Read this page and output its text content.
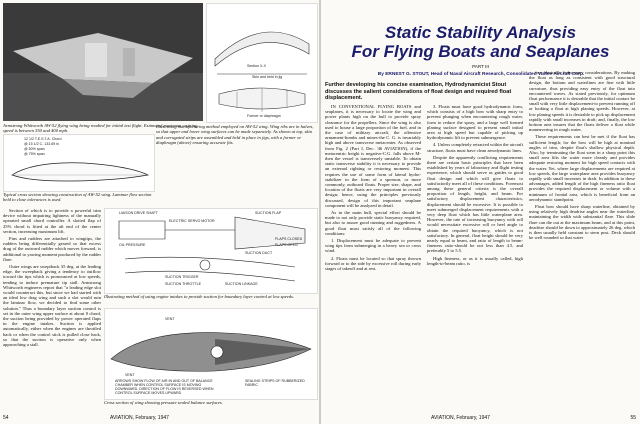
Armstrong Whitworth AW-52 flying wing being readied for initial test flight. Estimated maximum cruising speed is between 350 and 400 mph.
Section X-X
Skin and held in jig
Former or diaphragm
12 1/2 T.E.S.T.A. Chord
@ 15 1/2 C. 133.69 in
@ 50% span
@ 75% span
Illustrating manufacturing method employed on AW-52 wing. Wing ribs are in halves, so that upper and lower wing surfaces can be made separately. As shown at top, skin and corrugated strips are assembled and held in place in jigs, with a former or diaphragm (above) ensuring accurate fits.
Typical cross section showing construction of AW-52 wing. Laminar flow section held to close tolerances is used.

Section of which is to provide a powerful trim device without impairing lightness of the manually operated small chord controller. A slotted flap of 25% chord is fitted at the aft end of the center section, increasing maximum lift.

Fins and rudders are attached to wingtips, the rudders being differentially geared so that excess drag of the outward rudder which moves forward, is additional to yawing moment produced by the rudder flare.

Outer wings are sweptback 35 deg. at the leading edge, the sweepback giving a tendency to outflow toward the tips which is pronounced at low speeds, tending to induce premature tip stall. Armstrong Whitworth engineers report that "a leading edge slot would counteract this, but since we had started with an ideal low drag wing and such a slot would ruin the laminar flow, we decided to find some other solution." Thus a boundary layer suction control is set in the outer wing upper surface at about 0 chord, the suction being provided by power operated flaps in the engine intakes. Suction is applied automatically, either when the engines are throttled back or when the control stick is pulled close back, so that the suction is operative only when approaching a stall.

LIAISON DRIVE SHAFT
ELECTRIC SERVO MOTOR
SUCTION FLAP
SUCTION DUCT
FLAPS CLOSED
FLAPS OPEN
OIL PRESSURE
SUCTION TRIGGER
SUCTION THROTTLE	SUCTION LINKAGE
Illustrating method of using engine intakes to provide suction for boundary layer control at low speeds.
VENT
VENT
ARROWS SHOW FLOW OF AIR IN AND OUT OF BALANCE CHAMBER WHEN CONTROL SURFACE IS MOVING DOWNWARD. DIRECTION OF FLOW IS REVERSED WHEN CONTROL SURFACE MOVES UPWARD
SEALING STRIPS OF RUBBERIZED FABRIC
Cross section of wing showing pressure sealed balance surfaces.
54	AVIATION, February, 1947
Static Stability Analysis
For Flying Boats and Seaplanes
PART III
By ERNEST G. STOUT, Head of Naval Aircraft Research, Consolidated Vultee Aircraft Corp.
Further developing his concise examination, Hydrodynamicist Stout discusses the salient considerations of float design and required float displacement.

IN CONVENTIONAL FLYING BOATS and seaplanes, it is necessary to locate the wing and power plants high on the hull to provide spray clearance for the propellers. Since the wing is also used to house a large proportion of the fuel, and in the case of military aircraft, the offensive armament-bombs and mines-the C. G. is invariably high and above transverse metacenter. As observed from Fig. 2 (Part I, Dec. '46 AVIATION), if the metacentric height is negative-C.G. falls above M-then the vessel is transversely unstable. To obtain static transverse stability it is necessary to provide an external righting or restoring moment. This requires the use of some form of lateral hydro-stabilizer in the form of a sponson, or more commonly, outboard floats. Proper size, shape, and location of the floats are very important in overall design; hence, using the principles previously discussed, design of this important seaplane component will be analyzed in detail.

As in the main hull, special effort should be made to not only provide static buoyancy required, but also to assure good running and ruggedness. A good float must satisfy all of the following conditions:

1. Displacement must be adequate to prevent wing tips from submerging in a heavy sea or cross wind.

2. Floats must be located so that spray thrown forward or to the side by excessive roll during early stages of takeoff and at rest.

3. Floats must have good hydrodynamic form, which consists of a high bow with sharp entry to prevent plunging when encountering rough water, form to reduce the spray, and a large well formed planing surface designed to present small initial area at high speed but capable of picking up hydrodynamic lift to prevent submergence.

4. Unless completely retracted within the aircraft structure, floats must have clean aerodynamic lines.

Despite the apparently conflicting requirements there are certain basic principles that have been established by years of laboratory and flight testing experience, which should serve as guides to good float design and which will give floats to satisfactorily meet all of these conditions. Foremost among these general criteria is the overall proportion of length, height, and beam. For satisfactory displacement characteristics, displacement should be excessive. It is possible to meet submerged displacement requirements with a very deep float which has little waterplane area. However, the rate of increasing buoyancy with roll would necessitate excessive roll or heel angle to obtain the required buoyancy, which is not satisfactory. In general, float height should be very nearly equal to beam, and ratio of length to beam-fineness ratio-should be not less than 4.5, and preferably 5 to 5.5.

High fineness, or as it is usually called, high length-to-beam ratio, is

very desirable from many considerations. By making the float as long as consistent with good structural design, the bottom and waterlines are fine with little curvature, thus providing easy entry of the float into encountered waves. As stated previously, for optimum float performance it is desirable that the initial contact be small with very little displacement-to prevent running off or looking a float at high planing speeds. However, at low planing speeds it is desirable to pick up displacement rapidly with small increases in draft; and, finally, the low bottom area insures that the floats deliver a float while maneuvering in rough water.

These requirements can best be met if the float has sufficient length; for the bow will be high at nominal angles of trim, despite float's shallow physical depth. Also, by terminating the float stern in a sharp point this small area lifts the water more cleanly and provides adequate restoring moment for high speed contacts with the water. Yet, where large displacements are required at low speeds, the large waterplane area provides buoyancy rapidly with small increases in draft. In addition to these advantages, added length of the high fineness ratio float provides the required displacement or volume with a minimum of frontal area, which is beneficial from an aerodynamic standpoint.

Float bow should have sharp waterline, obtained by using relatively high deadrise angles near the waterline, maintaining the width with substantial flare. This slide flare can die out at the maximum beam, and at this point, deadrise should be down to approximately 26 deg. which is then usually held constant to stern post. Deck should be well rounded so that water

AVIATION, February, 1947	55
